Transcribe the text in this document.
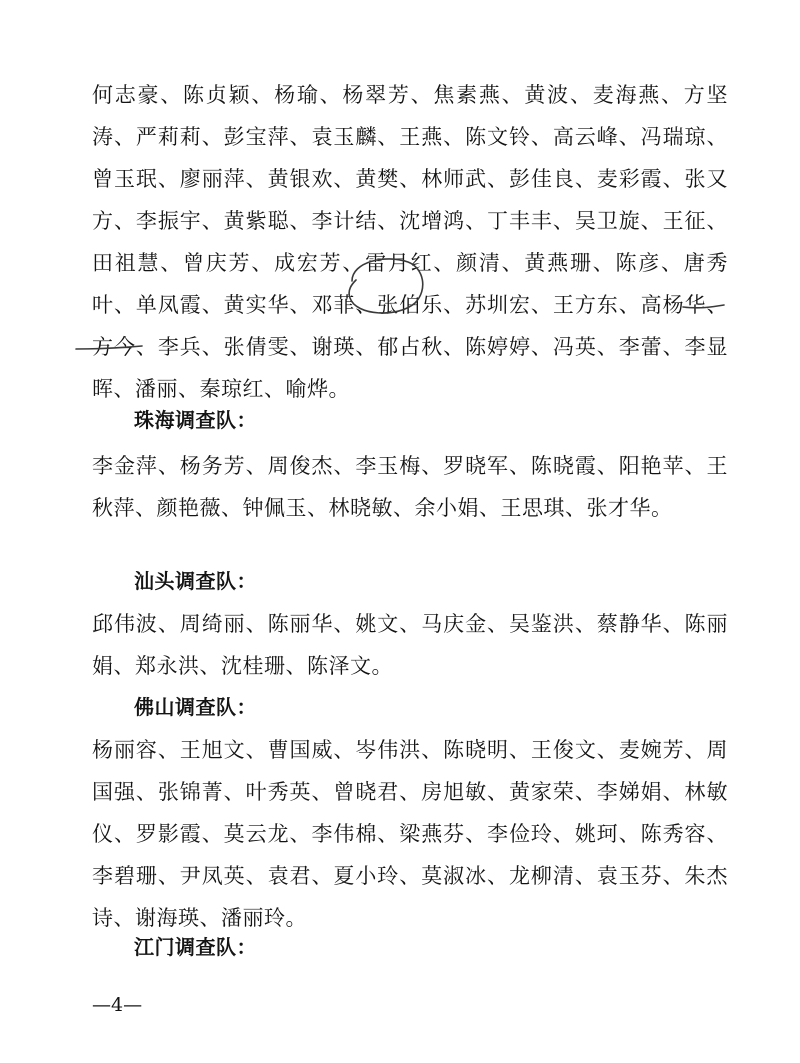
何志豪、陈贞颖、杨瑜、杨翠芳、焦素燕、黄波、麦海燕、方坚涛、严莉莉、彭宝萍、袁玉麟、王燕、陈文铃、高云峰、冯瑞琼、曾玉珉、廖丽萍、黄银欢、黄樊、林师武、彭佳良、麦彩霞、张又方、李振宇、黄紫聪、李计结、沈增鸿、丁丰丰、吴卫旋、王征、田祖慧、曾庆芳、成宏芳、雷月红、颜清、黄燕珊、陈彦、唐秀叶、单凤霞、黄实华、邓菲、张伯乐、苏圳宏、王方东、高杨华、方今、李兵、张倩雯、谢瑛、郁占秋、陈婷婷、冯英、李蕾、李显晖、潘丽、秦琼红、喻烨。
珠海调查队：
李金萍、杨务芳、周俊杰、李玉梅、罗晓军、陈晓霞、阳艳苹、王秋萍、颜艳薇、钟佩玉、林晓敏、余小娟、王思琪、张才华。
汕头调查队：
邱伟波、周绮丽、陈丽华、姚文、马庆金、吴鉴洪、蔡静华、陈丽娟、郑永洪、沈桂珊、陈泽文。
佛山调查队：
杨丽容、王旭文、曹国威、岑伟洪、陈晓明、王俊文、麦婉芳、周国强、张锦菁、叶秀英、曾晓君、房旭敏、黄家荣、李娣娟、林敏仪、罗影霞、莫云龙、李伟棉、梁燕芬、李俭玲、姚珂、陈秀容、李碧珊、尹凤英、袁君、夏小玲、莫淑冰、龙柳清、袁玉芬、朱杰诗、谢海瑛、潘丽玲。
江门调查队：
—4—
